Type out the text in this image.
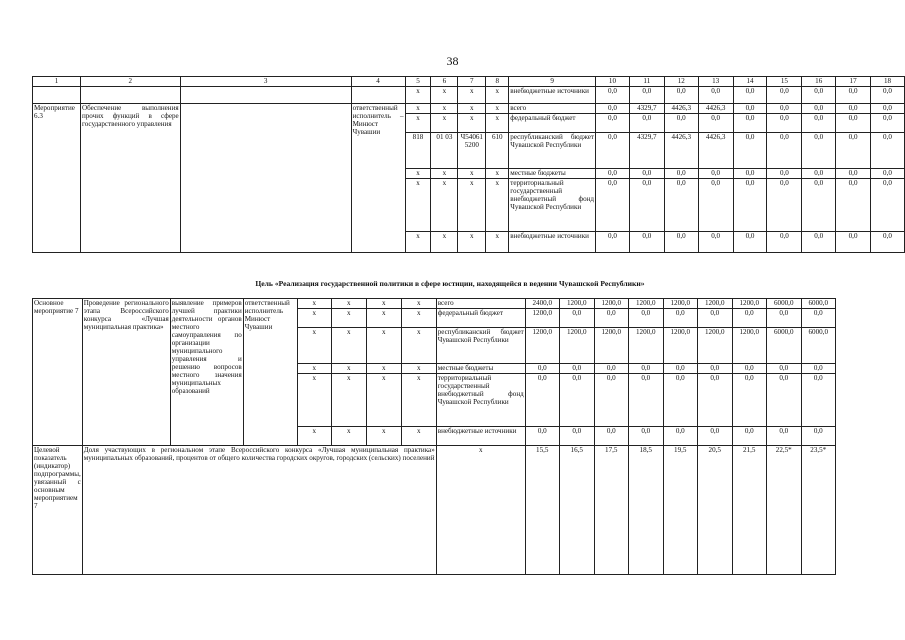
38
1	2	3	4	5	6	7	8	9	10	11	12	13	14	15	16	17	18
				x	x	x	x	внебюджетные источники	0,0	0,0	0,0	0,0	0,0	0,0	0,0	0,0	0,0
Мероприятие 6.3	Обеспечение выполнения прочих функций в сфере государственного управления		ответственный исполнитель – Минюст Чувашии	x	x	x	x	всего	0,0	4329,7	4426,3	4426,3	0,0	0,0	0,0	0,0	0,0
				x	x	x	x	федеральный бюджет	0,0	0,0	0,0	0,0	0,0	0,0	0,0	0,0	0,0
				818	01 03	Ч54061 5200	610	республиканский бюджет Чувашской Республики	0,0	4329,7	4426,3	4426,3	0,0	0,0	0,0	0,0	0,0
				x	x	x	x	местные бюджеты	0,0	0,0	0,0	0,0	0,0	0,0	0,0	0,0	0,0
				x	x	x	x	территориальный государственный внебюджетный фонд Чувашской Республики	0,0	0,0	0,0	0,0	0,0	0,0	0,0	0,0	0,0
				x	x	x	x	внебюджетные источники	0,0	0,0	0,0	0,0	0,0	0,0	0,0	0,0	0,0
Цель «Реализация государственной политики в сфере юстиции, находящейся в ведении Чувашской Республики»
Основное мероприятие 7	Проведение регионального этапа Всероссийского конкурса «Лучшая муниципальная практика»	выявление примеров лучшей практики деятельности органов местного самоуправления по организации муниципального управления и решению вопросов местного значения муниципальных образований	ответственный исполнитель Минюст Чувашии	x	x	x	x	всего	2400,0	1200,0	1200,0	1200,0	1200,0	1200,0	1200,0	6000,0	6000,0
				x	x	x	x	федеральный бюджет	1200,0	0,0	0,0	0,0	0,0	0,0	0,0	0,0	0,0
				x	x	x	x	республиканский бюджет Чувашской Республики	1200,0	1200,0	1200,0	1200,0	1200,0	1200,0	1200,0	6000,0	6000,0
				x	x	x	x	местные бюджеты	0,0	0,0	0,0	0,0	0,0	0,0	0,0	0,0	0,0
				x	x	x	x	территориальный государственный внебюджетный фонд Чувашской Республики	0,0	0,0	0,0	0,0	0,0	0,0	0,0	0,0	0,0
				x	x	x	x	внебюджетные источники	0,0	0,0	0,0	0,0	0,0	0,0	0,0	0,0	0,0
Целевой показатель (индикатор) подпрограммы, увязанный с основным мероприятием 7	Доля участвующих в региональном этапе Всероссийского конкурса «Лучшая муниципальная практика» муниципальных образований, процентов от общего количества городских округов, городских (сельских) поселений							x	15,5	16,5	17,5	18,5	19,5	20,5	21,5	22,5*	23,5*
